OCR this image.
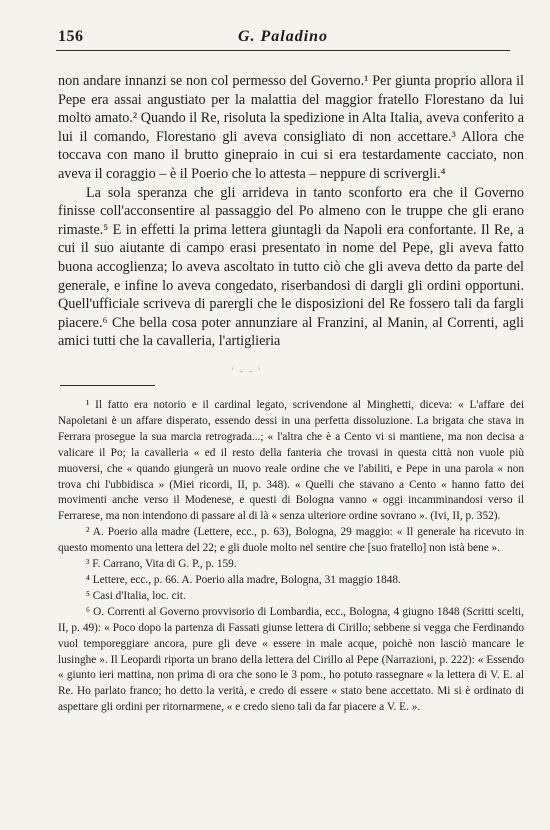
156	G. Paladino

non andare innanzi se non col permesso del Governo.¹ Per giunta proprio allora il Pepe era assai angustiato per la malattia del maggior fratello Florestano da lui molto amato.² Quando il Re, risoluta la spedizione in Alta Italia, aveva conferito a lui il comando, Florestano gli aveva consigliato di non accettare.³ Allora che toccava con mano il brutto ginepraio in cui si era testardamente cacciato, non aveva il coraggio – è il Poerio che lo attesta – neppure di scrivergli.⁴

La sola speranza che gli arrideva in tanto sconforto era che il Governo finisse coll'acconsentire al passaggio del Po almeno con le truppe che gli erano rimaste.⁵ E in effetti la prima lettera giuntagli da Napoli era confortante. Il Re, a cui il suo aiutante di campo erasi presentato in nome del Pepe, gli aveva fatto buona accoglienza; lo aveva ascoltato in tutto ciò che gli aveva detto da parte del generale, e infine lo aveva congedato, riserbandosi di dargli gli ordini opportuni. Quell'ufficiale scriveva di parergli che le disposizioni del Re fossero tali da fargli piacere.⁶ Che bella cosa poter annunziare al Franzini, al Manin, al Correnti, agli amici tutti che la cavalleria, l'artiglieria

' - - '

¹ Il fatto era notorio e il cardinal legato, scrivendone al Minghetti, diceva: « L'affare dei Napoletani è un affare disperato, essendo dessi in una perfetta dissoluzione. La brigata che stava in Ferrara prosegue la sua marcia retrograda...; « l'altra che è a Cento vi si mantiene, ma non decisa a valicare il Po; la cavalleria « ed il resto della fanteria che trovasi in questa città non vuole più muoversi, che « quando giungerà un nuovo reale ordine che ve l'abiliti, e Pepe in una parola « non trova chi l'ubbidisca » (Miei ricordi, II, p. 348). « Quelli che stavano a Cento « hanno fatto dei movimenti anche verso il Modenese, e questi di Bologna vanno « oggi incamminandosi verso il Ferrarese, ma non intendono di passare al di là « senza ulteriore ordine sovrano ». (Ivi, II, p. 352).

² A. Poerio alla madre (Lettere, ecc., p. 63), Bologna, 29 maggio: « Il generale ha ricevuto in questo momento una lettera del 22; e gli duole molto nel sentire che [suo fratello] non istà bene ».

³ F. Carrano, Vita di G. P., p. 159.

⁴ Lettere, ecc., p. 66. A. Poerio alla madre, Bologna, 31 maggio 1848.

⁵ Casi d'Italia, loc. cit.

⁶ O. Correnti al Governo provvisorio di Lombardia, ecc., Bologna, 4 giugno 1848 (Scritti scelti, II, p. 49): « Poco dopo la partenza di Fassati giunse lettera di Cirillo; sebbene si vegga che Ferdinando vuol temporeggiare ancora, pure gli deve « essere in male acque, poichè non lasciò mancare le lusinghe ». Il Leopardi riporta un brano della lettera del Cirillo al Pepe (Narrazioni, p. 222): « Essendo « giunto ieri mattina, non prima di ora che sono le 3 pom., ho potuto rassegnare « la lettera di V. E. al Re. Ho parlato franco; ho detto la verità, e credo di essere « stato bene accettato. Mi si è ordinato di aspettare gli ordini per ritornarmene, « e credo sieno tali da far piacere a V. E. ».
